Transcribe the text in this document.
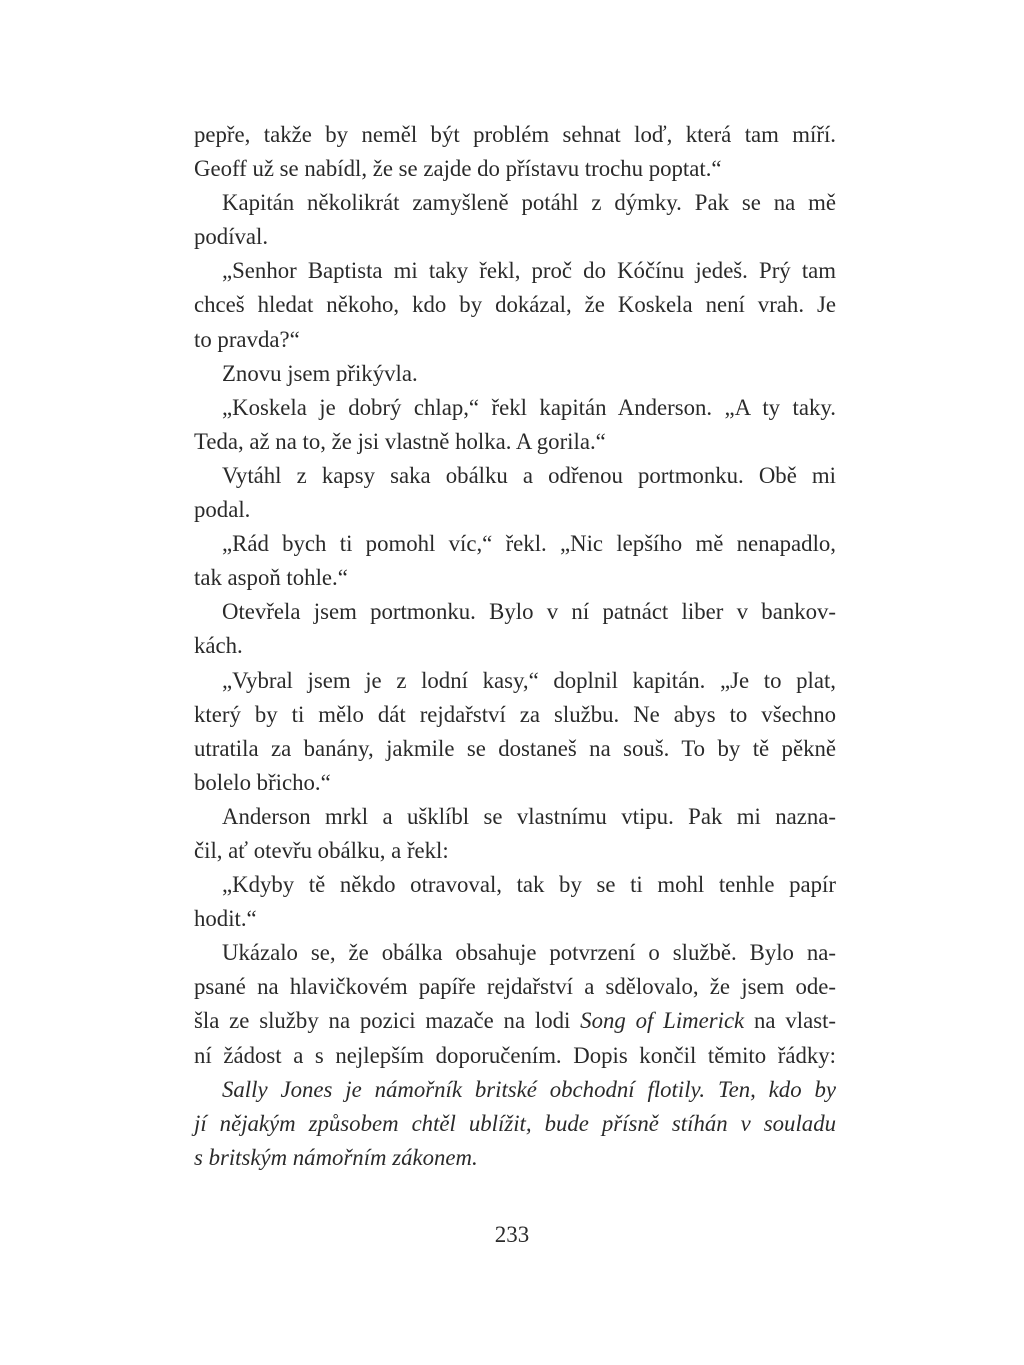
pepře, takže by neměl být problém sehnat loď, která tam míří.
Geoff už se nabídl, že se zajde do přístavu trochu poptat.“
Kapitán několikrát zamyšleně potáhl z dýmky. Pak se na mě
podíval.
„Senhor Baptista mi taky řekl, proč do Kóčínu jedeš. Prý tam
chceš hledat někoho, kdo by dokázal, že Koskela není vrah. Je
to pravda?“
Znovu jsem přikývla.
„Koskela je dobrý chlap,“ řekl kapitán Anderson. „A ty taky.
Teda, až na to, že jsi vlastně holka. A gorila.“
Vytáhl z kapsy saka obálku a odřenou portmonku. Obě mi
podal.
„Rád bych ti pomohl víc,“ řekl. „Nic lepšího mě nenapadlo,
tak aspoň tohle.“
Otevřela jsem portmonku. Bylo v ní patnáct liber v bankov-
kách.
„Vybral jsem je z lodní kasy,“ doplnil kapitán. „Je to plat,
který by ti mělo dát rejdařství za službu. Ne abys to všechno
utratila za banány, jakmile se dostaneš na souš. To by tě pěkně
bolelo břicho.“
Anderson mrkl a ušklíbl se vlastnímu vtipu. Pak mi nazna-
čil, ať otevřu obálku, a řekl:
„Kdyby tě někdo otravoval, tak by se ti mohl tenhle papír
hodit.“
Ukázalo se, že obálka obsahuje potvrzení o službě. Bylo na-
psané na hlavičkovém papíře rejdařství a sdělovalo, že jsem ode-
šla ze služby na pozici mazače na lodi Song of Limerick na vlast-
ní žádost a s nejlepším doporučením. Dopis končil těmito řádky:
Sally Jones je námořník britské obchodní flotily. Ten, kdo by
jí nějakým způsobem chtěl ublížit, bude přísně stíhán v souladu
s britským námořním zákonem.
233
